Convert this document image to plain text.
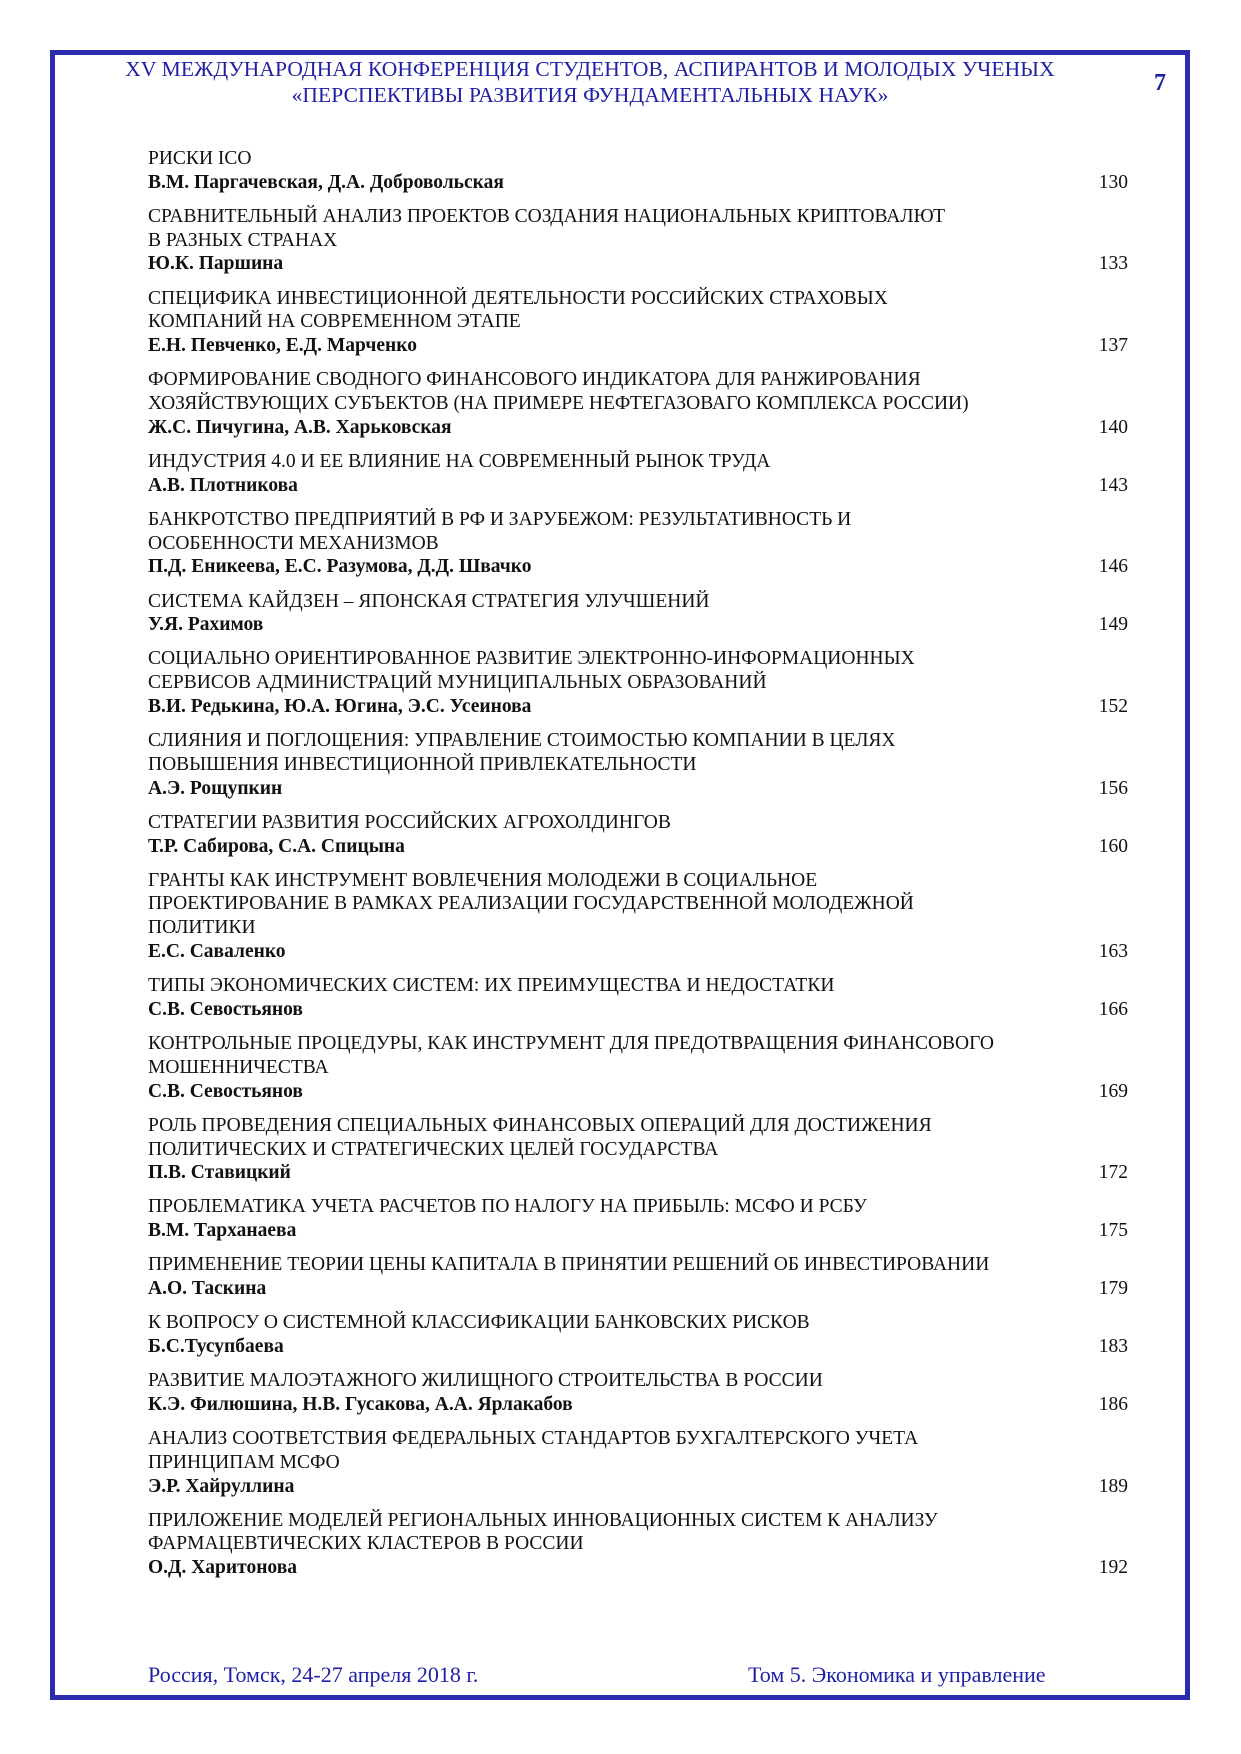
XV МЕЖДУНАРОДНАЯ КОНФЕРЕНЦИЯ СТУДЕНТОВ, АСПИРАНТОВ И МОЛОДЫХ УЧЕНЫХ
«ПЕРСПЕКТИВЫ РАЗВИТИЯ ФУНДАМЕНТАЛЬНЫХ НАУК»	7
РИСКИ ICO
В.М. Паргачевская, Д.А. Добровольская	130
СРАВНИТЕЛЬНЫЙ АНАЛИЗ ПРОЕКТОВ СОЗДАНИЯ НАЦИОНАЛЬНЫХ КРИПТОВАЛЮТ
В РАЗНЫХ СТРАНАХ
Ю.К. Паршина	133
СПЕЦИФИКА ИНВЕСТИЦИОННОЙ ДЕЯТЕЛЬНОСТИ РОССИЙСКИХ СТРАХОВЫХ
КОМПАНИЙ НА СОВРЕМЕННОМ ЭТАПЕ
Е.Н. Певченко, Е.Д. Марченко	137
ФОРМИРОВАНИЕ СВОДНОГО ФИНАНСОВОГО ИНДИКАТОРА ДЛЯ РАНЖИРОВАНИЯ
ХОЗЯЙСТВУЮЩИХ СУБЪЕКТОВ (НА ПРИМЕРЕ НЕФТЕГАЗОВАГО КОМПЛЕКСА РОССИИ)
Ж.С. Пичугина, А.В. Харьковская	140
ИНДУСТРИЯ 4.0 И ЕЕ ВЛИЯНИЕ НА СОВРЕМЕННЫЙ РЫНОК ТРУДА
А.В. Плотникова	143
БАНКРОТСТВО ПРЕДПРИЯТИЙ В РФ И ЗАРУБЕЖОМ: РЕЗУЛЬТАТИВНОСТЬ И
ОСОБЕННОСТИ МЕХАНИЗМОВ
П.Д. Еникеева, Е.С. Разумова, Д.Д. Швачко	146
СИСТЕМА КАЙДЗЕН – ЯПОНСКАЯ СТРАТЕГИЯ УЛУЧШЕНИЙ
У.Я. Рахимов	149
СОЦИАЛЬНО ОРИЕНТИРОВАННОЕ РАЗВИТИЕ ЭЛЕКТРОННО-ИНФОРМАЦИОННЫХ
СЕРВИСОВ АДМИНИСТРАЦИЙ МУНИЦИПАЛЬНЫХ ОБРАЗОВАНИЙ
В.И. Редькина, Ю.А. Югина, Э.С. Усеинова	152
СЛИЯНИЯ И ПОГЛОЩЕНИЯ: УПРАВЛЕНИЕ СТОИМОСТЬЮ КОМПАНИИ В ЦЕЛЯХ
ПОВЫШЕНИЯ ИНВЕСТИЦИОННОЙ ПРИВЛЕКАТЕЛЬНОСТИ
А.Э. Рощупкин	156
СТРАТЕГИИ РАЗВИТИЯ РОССИЙСКИХ АГРОХОЛДИНГОВ
Т.Р. Сабирова, С.А. Спицына	160
ГРАНТЫ КАК ИНСТРУМЕНТ ВОВЛЕЧЕНИЯ МОЛОДЕЖИ В СОЦИАЛЬНОЕ
ПРОЕКТИРОВАНИЕ В РАМКАХ РЕАЛИЗАЦИИ ГОСУДАРСТВЕННОЙ МОЛОДЕЖНОЙ
ПОЛИТИКИ
Е.С. Саваленко	163
ТИПЫ ЭКОНОМИЧЕСКИХ СИСТЕМ: ИХ ПРЕИМУЩЕСТВА И НЕДОСТАТКИ
С.В. Севостьянов	166
КОНТРОЛЬНЫЕ ПРОЦЕДУРЫ, КАК ИНСТРУМЕНТ ДЛЯ ПРЕДОТВРАЩЕНИЯ ФИНАНСОВОГО
МОШЕННИЧЕСТВА
С.В. Севостьянов	169
РОЛЬ ПРОВЕДЕНИЯ СПЕЦИАЛЬНЫХ ФИНАНСОВЫХ ОПЕРАЦИЙ ДЛЯ ДОСТИЖЕНИЯ
ПОЛИТИЧЕСКИХ И СТРАТЕГИЧЕСКИХ ЦЕЛЕЙ ГОСУДАРСТВА
П.В. Ставицкий	172
ПРОБЛЕМАТИКА УЧЕТА РАСЧЕТОВ ПО НАЛОГУ НА ПРИБЫЛЬ: МСФО И РСБУ
В.М. Тарханаева	175
ПРИМЕНЕНИЕ ТЕОРИИ ЦЕНЫ КАПИТАЛА В ПРИНЯТИИ РЕШЕНИЙ ОБ ИНВЕСТИРОВАНИИ
А.О. Таскина	179
К ВОПРОСУ О СИСТЕМНОЙ КЛАССИФИКАЦИИ БАНКОВСКИХ РИСКОВ
Б.С.Тусупбаева	183
РАЗВИТИЕ МАЛОЭТАЖНОГО ЖИЛИЩНОГО СТРОИТЕЛЬСТВА В РОССИИ
К.Э. Филюшина, Н.В. Гусакова, А.А. Ярлакабов	186
АНАЛИЗ СООТВЕТСТВИЯ ФЕДЕРАЛЬНЫХ СТАНДАРТОВ БУХГАЛТЕРСКОГО УЧЕТА
ПРИНЦИПАМ МСФО
Э.Р. Хайруллина	189
ПРИЛОЖЕНИЕ МОДЕЛЕЙ РЕГИОНАЛЬНЫХ ИННОВАЦИОННЫХ СИСТЕМ К АНАЛИЗУ
ФАРМАЦЕВТИЧЕСКИХ КЛАСТЕРОВ В РОССИИ
О.Д. Харитонова	192
Россия, Томск, 24-27 апреля 2018 г.	Том 5. Экономика и управление
